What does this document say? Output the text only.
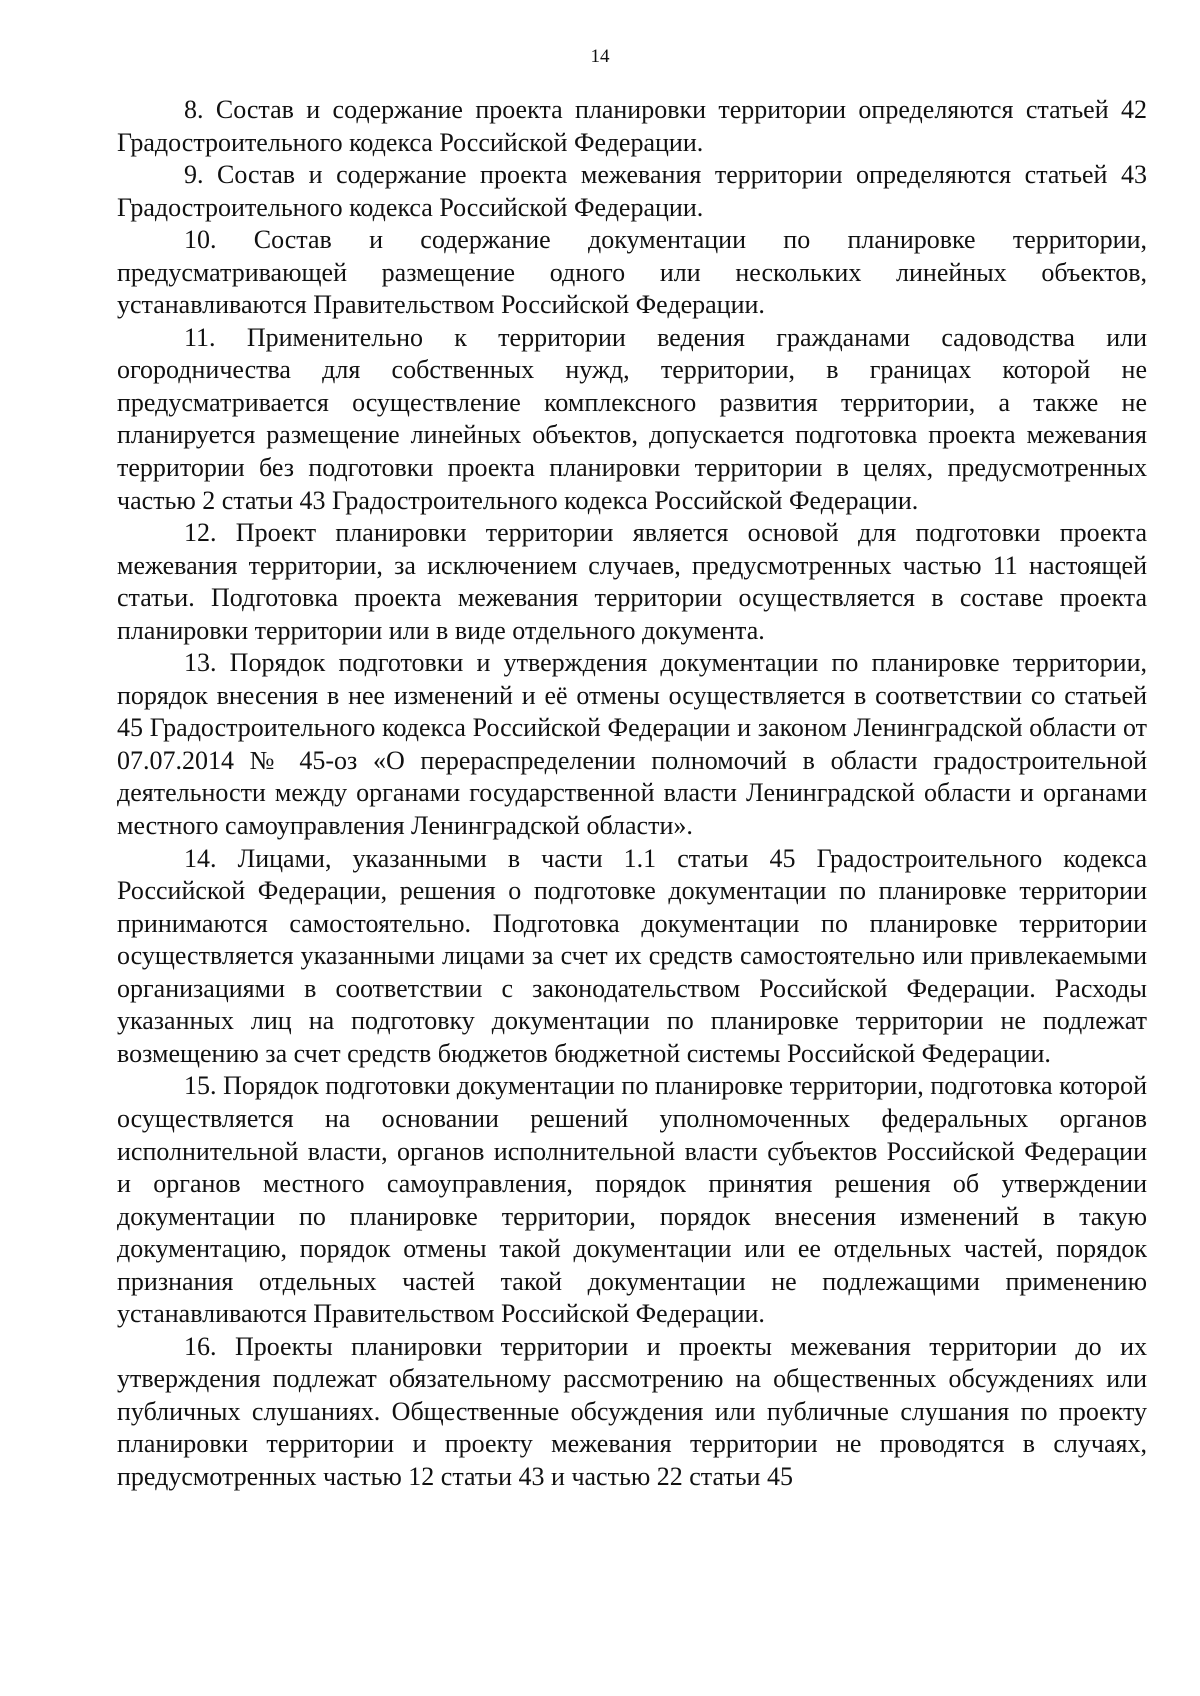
14

8. Состав и содержание проекта планировки территории определяются статьей 42 Градостроительного кодекса Российской Федерации.

9. Состав и содержание проекта межевания территории определяются статьей 43 Градостроительного кодекса Российской Федерации.

10. Состав и содержание документации по планировке территории, предусматривающей размещение одного или нескольких линейных объектов, устанавливаются Правительством Российской Федерации.

11. Применительно к территории ведения гражданами садоводства или огородничества для собственных нужд, территории, в границах которой не предусматривается осуществление комплексного развития территории, а также не планируется размещение линейных объектов, допускается подготовка проекта межевания территории без подготовки проекта планировки территории в целях, предусмотренных частью 2 статьи 43 Градостроительного кодекса Российской Федерации.

12. Проект планировки территории является основой для подготовки проекта межевания территории, за исключением случаев, предусмотренных частью 11 настоящей статьи. Подготовка проекта межевания территории осуществляется в составе проекта планировки территории или в виде отдельного документа.

13. Порядок подготовки и утверждения документации по планировке территории, порядок внесения в нее изменений и её отмены осуществляется в соответствии со статьей 45 Градостроительного кодекса Российской Федерации и законом Ленинградской области от 07.07.2014 № 45-оз «О перераспределении полномочий в области градостроительной деятельности между органами государственной власти Ленинградской области и органами местного самоуправления Ленинградской области».

14. Лицами, указанными в части 1.1 статьи 45 Градостроительного кодекса Российской Федерации, решения о подготовке документации по планировке территории принимаются самостоятельно. Подготовка документации по планировке территории осуществляется указанными лицами за счет их средств самостоятельно или привлекаемыми организациями в соответствии с законодательством Российской Федерации. Расходы указанных лиц на подготовку документации по планировке территории не подлежат возмещению за счет средств бюджетов бюджетной системы Российской Федерации.

15. Порядок подготовки документации по планировке территории, подготовка которой осуществляется на основании решений уполномоченных федеральных органов исполнительной власти, органов исполнительной власти субъектов Российской Федерации и органов местного самоуправления, порядок принятия решения об утверждении документации по планировке территории, порядок внесения изменений в такую документацию, порядок отмены такой документации или ее отдельных частей, порядок признания отдельных частей такой документации не подлежащими применению устанавливаются Правительством Российской Федерации.

16. Проекты планировки территории и проекты межевания территории до их утверждения подлежат обязательному рассмотрению на общественных обсуждениях или публичных слушаниях. Общественные обсуждения или публичные слушания по проекту планировки территории и проекту межевания территории не проводятся в случаях, предусмотренных частью 12 статьи 43 и частью 22 статьи 45
